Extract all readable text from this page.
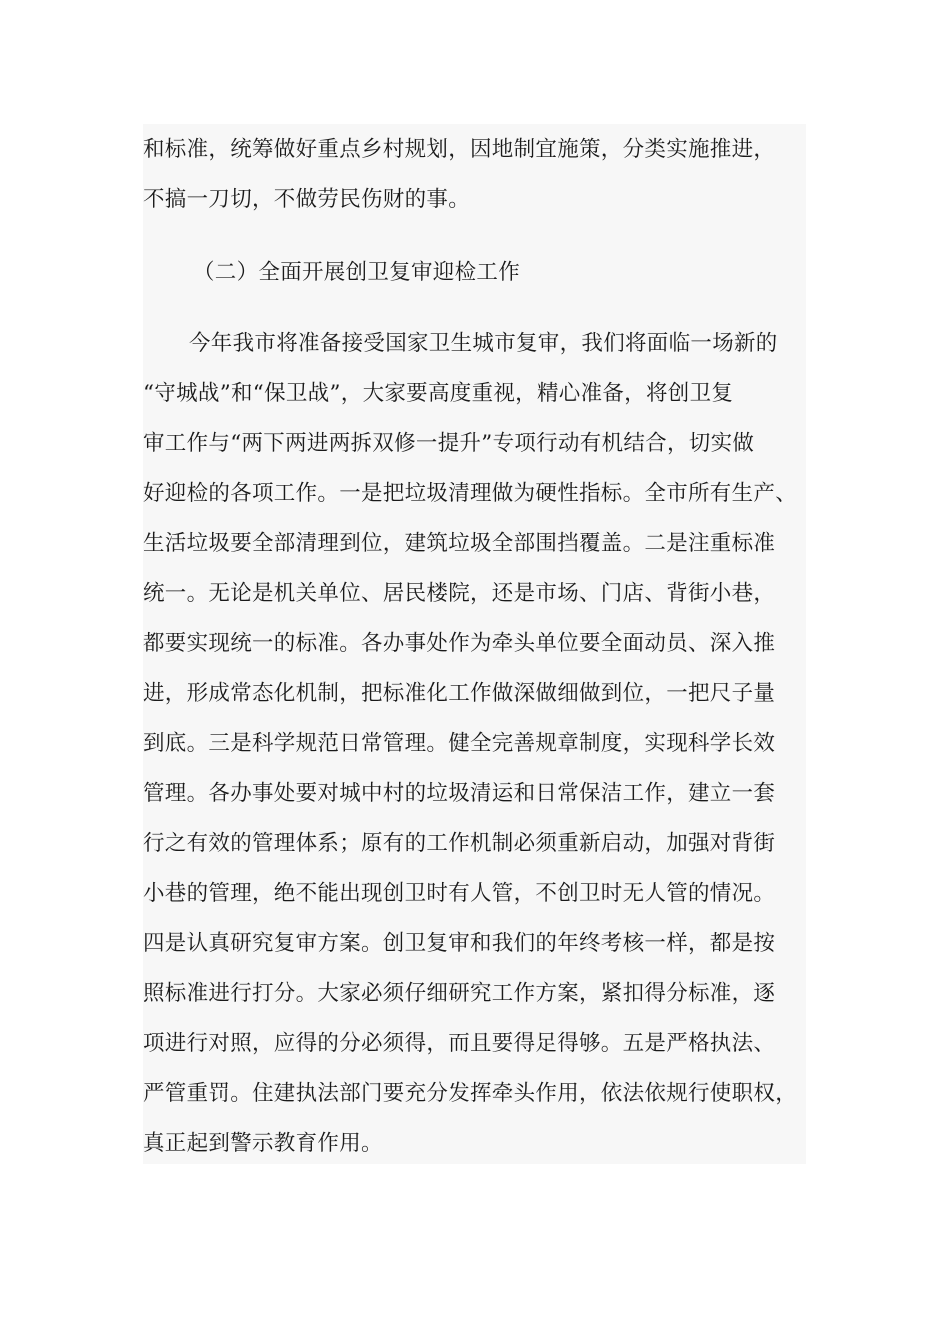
和标准，统筹做好重点乡村规划，因地制宜施策，分类实施推进，
不搞一刀切，不做劳民伤财的事。
（二）全面开展创卫复审迎检工作
今年我市将准备接受国家卫生城市复审，我们将面临一场新的
“守城战”和“保卫战”，大家要高度重视，精心准备，将创卫复
审工作与“两下两进两拆双修一提升”专项行动有机结合，切实做
好迎检的各项工作。一是把垃圾清理做为硬性指标。全市所有生产、
生活垃圾要全部清理到位，建筑垃圾全部围挡覆盖。二是注重标准
统一。无论是机关单位、居民楼院，还是市场、门店、背街小巷，
都要实现统一的标准。各办事处作为牵头单位要全面动员、深入推
进，形成常态化机制，把标准化工作做深做细做到位，一把尺子量
到底。三是科学规范日常管理。健全完善规章制度，实现科学长效
管理。各办事处要对城中村的垃圾清运和日常保洁工作，建立一套
行之有效的管理体系；原有的工作机制必须重新启动，加强对背街
小巷的管理，绝不能出现创卫时有人管，不创卫时无人管的情况。
四是认真研究复审方案。创卫复审和我们的年终考核一样，都是按
照标准进行打分。大家必须仔细研究工作方案，紧扣得分标准，逐
项进行对照，应得的分必须得，而且要得足得够。五是严格执法、
严管重罚。住建执法部门要充分发挥牵头作用，依法依规行使职权，
真正起到警示教育作用。
